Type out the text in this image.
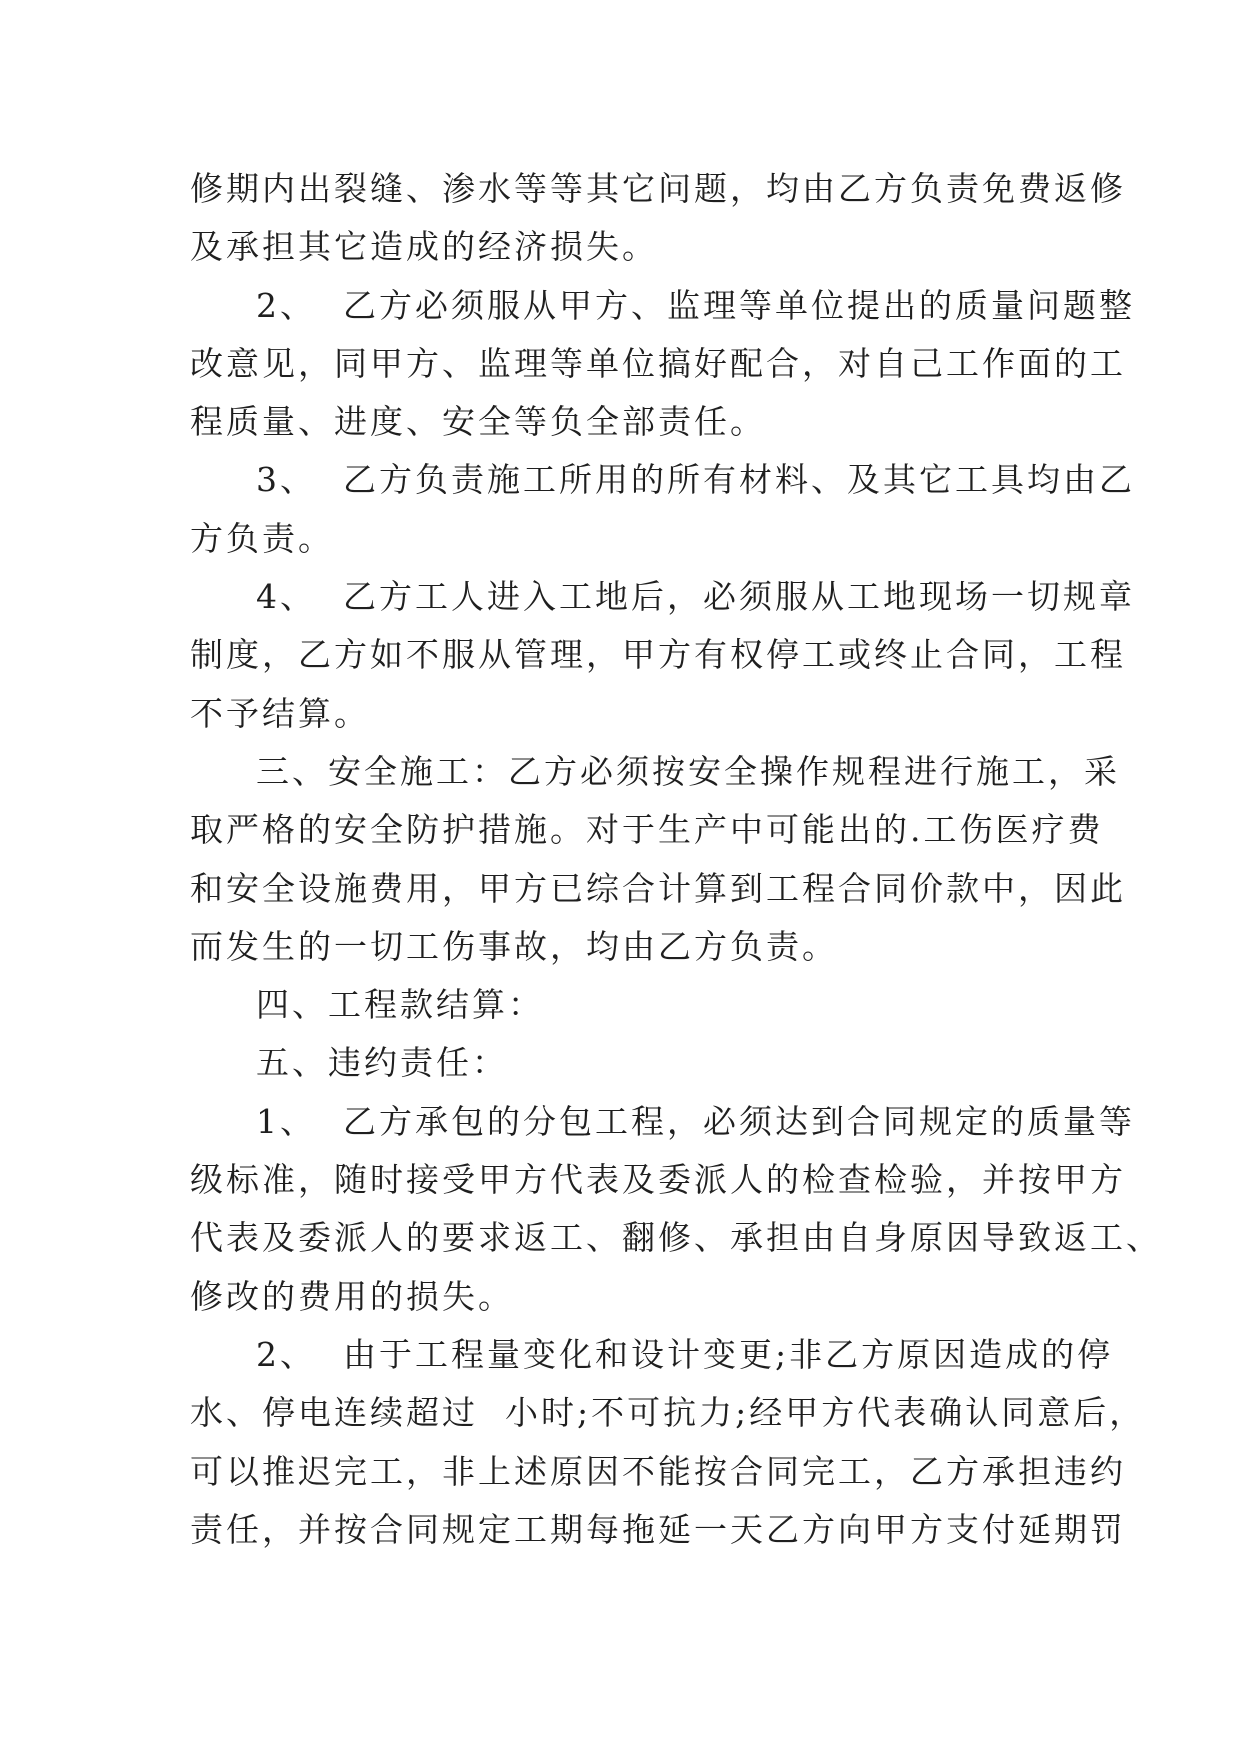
修期内出裂缝、渗水等等其它问题，均由乙方负责免费返修
及承担其它造成的经济损失。
2、  乙方必须服从甲方、监理等单位提出的质量问题整
改意见，同甲方、监理等单位搞好配合，对自己工作面的工
程质量、进度、安全等负全部责任。
3、  乙方负责施工所用的所有材料、及其它工具均由乙
方负责。
4、  乙方工人进入工地后，必须服从工地现场一切规章
制度，乙方如不服从管理，甲方有权停工或终止合同，工程
不予结算。
三、安全施工：乙方必须按安全操作规程进行施工，采
取严格的安全防护措施。对于生产中可能出的.工伤医疗费
和安全设施费用，甲方已综合计算到工程合同价款中，因此
而发生的一切工伤事故，均由乙方负责。
四、工程款结算：
五、违约责任：
1、  乙方承包的分包工程，必须达到合同规定的质量等
级标准，随时接受甲方代表及委派人的检查检验，并按甲方
代表及委派人的要求返工、翻修、承担由自身原因导致返工、
修改的费用的损失。
2、  由于工程量变化和设计变更;非乙方原因造成的停
水、停电连续超过  小时;不可抗力;经甲方代表确认同意后，
可以推迟完工，非上述原因不能按合同完工，乙方承担违约
责任，并按合同规定工期每拖延一天乙方向甲方支付延期罚
